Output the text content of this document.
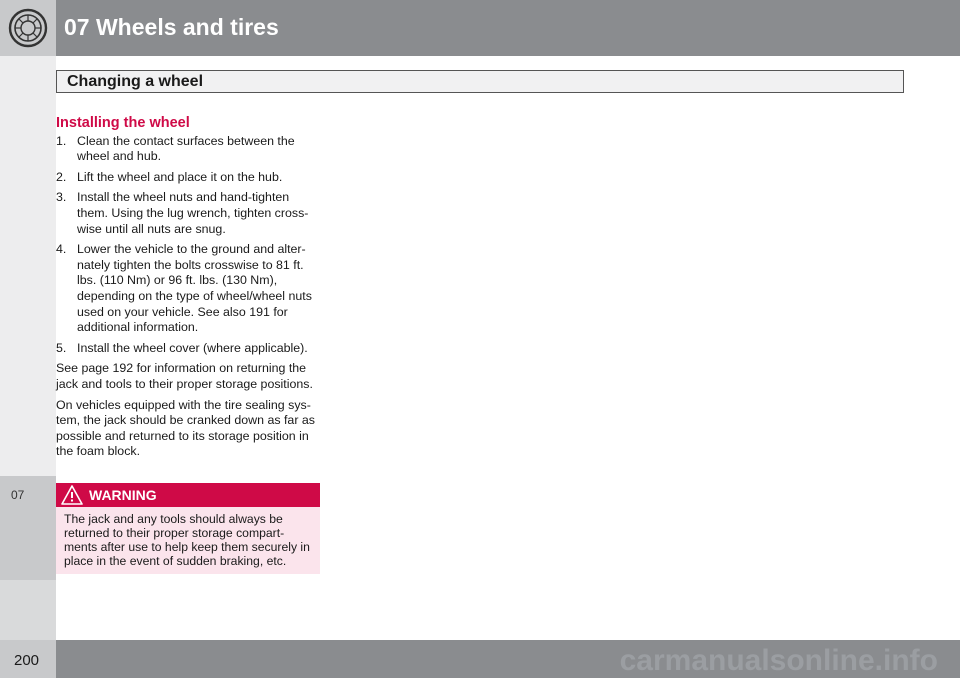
07 Wheels and tires
07
Changing a wheel
Installing the wheel
1. Clean the contact surfaces between the wheel and hub.
2. Lift the wheel and place it on the hub.
3. Install the wheel nuts and hand-tighten them. Using the lug wrench, tighten cross-wise until all nuts are snug.
4. Lower the vehicle to the ground and alter-nately tighten the bolts crosswise to 81 ft. lbs. (110 Nm) or 96 ft. lbs. (130 Nm), depending on the type of wheel/wheel nuts used on your vehicle. See also 191 for additional information.
5. Install the wheel cover (where applicable).

See page 192 for information on returning the jack and tools to their proper storage positions.

On vehicles equipped with the tire sealing sys-tem, the jack should be cranked down as far as possible and returned to its storage position in the foam block.

WARNING
The jack and any tools should always be returned to their proper storage compart-ments after use to help keep them securely in place in the event of sudden braking, etc.
200	carmanualsonline.info
